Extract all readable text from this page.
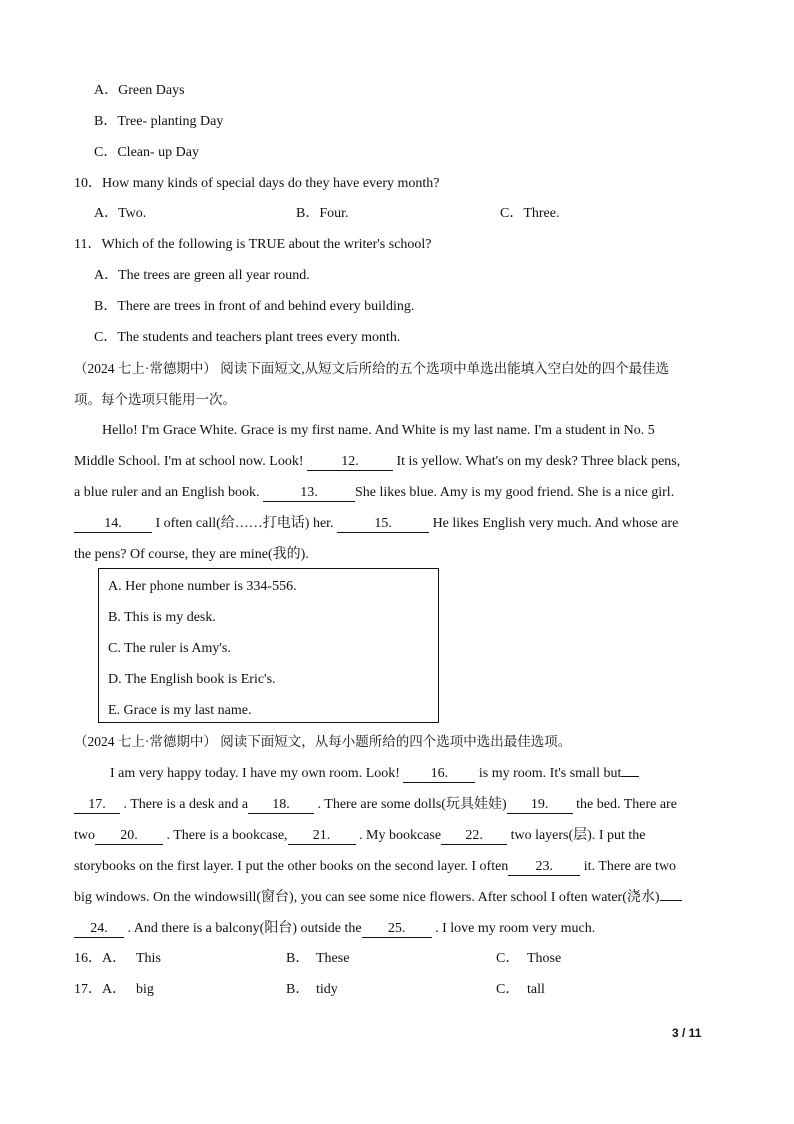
A．Green Days
B．Tree- planting Day
C．Clean- up Day
10．How many kinds of special days do they have every month?
A．Two.	B．Four.	C．Three.
11．Which of the following is TRUE about the writer's school?
A．The trees are green all year round.
B．There are trees in front of and behind every building.
C．The students and teachers plant trees every month.
（2024 七上·常德期中） 阅读下面短文,从短文后所给的五个选项中单选出能填入空白处的四个最佳选
项。每个选项只能用一次。
Hello! I'm Grace White. Grace is my first name. And White is my last name. I'm a student in No. 5
Middle School. I'm at school now. Look! 12. It is yellow. What's on my desk? Three black pens,
a blue ruler and an English book.	13.	She likes blue. Amy is my good friend. She is a nice girl.
14. I often call(给……打电话) her.	15.	He likes English very much. And whose are
the pens? Of course, they are mine(我的).
A. Her phone number is 334-556.
B. This is my desk.
C. The ruler is Amy's.
D. The English book is Eric's.
E. Grace is my last name.
（2024 七上·常德期中） 阅读下面短文，从每小题所给的四个选项中选出最佳选项。
I am very happy today. I have my own room. Look! 16. is my room. It's small but
17. . There is a desk and a 18. . There are some dolls(玩具娃娃) 19. the bed. There are
two 20. . There is a bookcase, 21. . My bookcase 22. two layers(层). I put the
storybooks on the first layer. I put the other books on the second layer. I often 23. it. There are two
big windows. On the windowsill(窗台), you can see some nice flowers. After school I often water(浇水)
24. . And there is a balcony(阳台) outside the 25. . I love my room very much.
16．A． This	B． These	C． Those
17．A． big	B． tidy	C． tall
3 / 11
